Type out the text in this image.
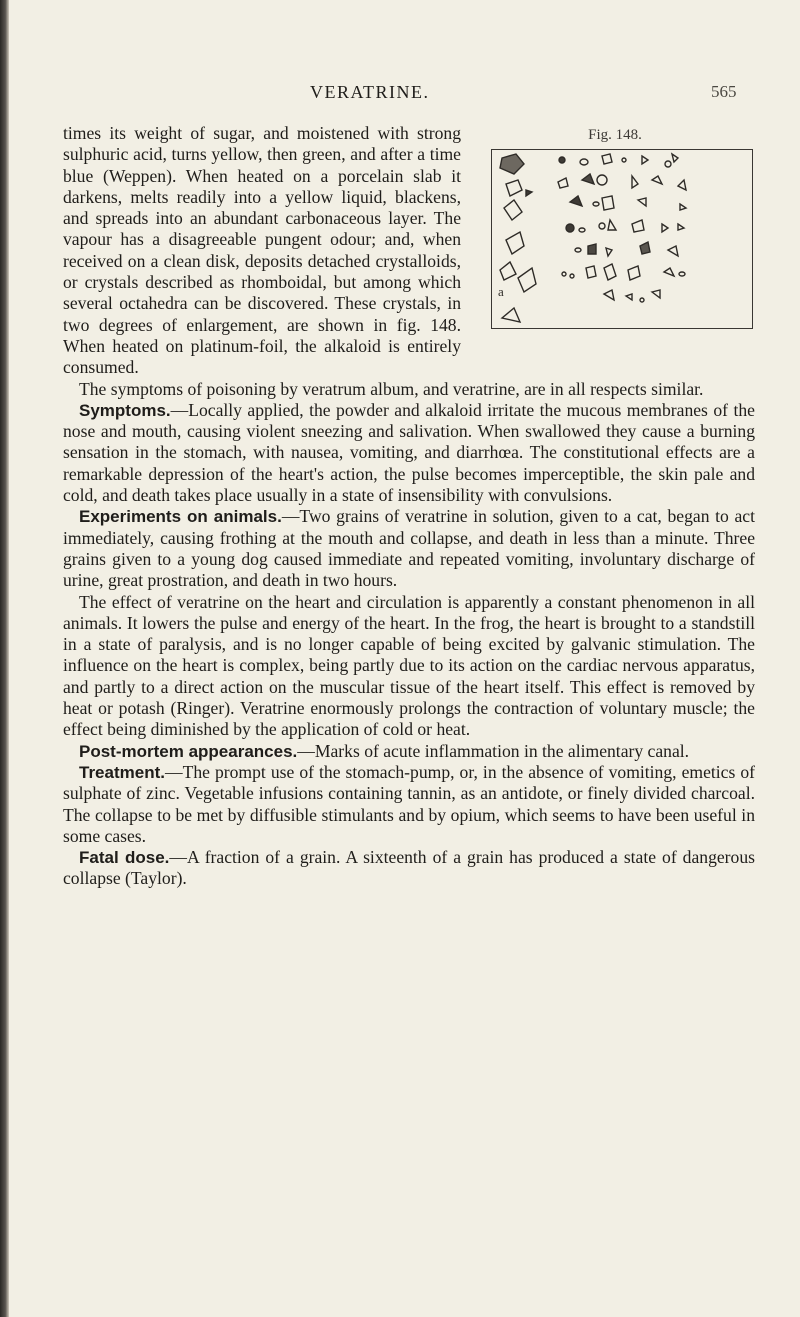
VERATRINE.	565
Fig. 148.
a

times its weight of sugar, and moistened with strong sulphuric acid, turns yellow, then green, and after a time blue (Weppen). When heated on a porcelain slab it darkens, melts readily into a yellow liquid, blackens, and spreads into an abundant carbonaceous layer. The vapour has a disagreeable pungent odour; and, when received on a clean disk, deposits detached crystalloids, or crystals described as rhomboidal, but among which several octahedra can be discovered. These crystals, in two degrees of enlargement, are shown in fig. 148. When heated on platinum-foil, the alkaloid is entirely consumed.

The symptoms of poisoning by veratrum album, and veratrine, are in all respects similar.

Symptoms.—Locally applied, the powder and alkaloid irritate the mucous membranes of the nose and mouth, causing violent sneezing and salivation. When swallowed they cause a burning sensation in the stomach, with nausea, vomiting, and diarrhœa. The constitutional effects are a remarkable depression of the heart's action, the pulse becomes imperceptible, the skin pale and cold, and death takes place usually in a state of insensibility with convulsions.

Experiments on animals.—Two grains of veratrine in solution, given to a cat, began to act immediately, causing frothing at the mouth and collapse, and death in less than a minute. Three grains given to a young dog caused immediate and repeated vomiting, involuntary discharge of urine, great prostration, and death in two hours.

The effect of veratrine on the heart and circulation is apparently a constant phenomenon in all animals. It lowers the pulse and energy of the heart. In the frog, the heart is brought to a standstill in a state of paralysis, and is no longer capable of being excited by galvanic stimulation. The influence on the heart is complex, being partly due to its action on the cardiac nervous apparatus, and partly to a direct action on the muscular tissue of the heart itself. This effect is removed by heat or potash (Ringer). Veratrine enormously prolongs the contraction of voluntary muscle; the effect being diminished by the application of cold or heat.

Post-mortem appearances.—Marks of acute inflammation in the alimentary canal.

Treatment.—The prompt use of the stomach-pump, or, in the absence of vomiting, emetics of sulphate of zinc. Vegetable infusions containing tannin, as an antidote, or finely divided charcoal. The collapse to be met by diffusible stimulants and by opium, which seems to have been useful in some cases.

Fatal dose.—A fraction of a grain. A sixteenth of a grain has produced a state of dangerous collapse (Taylor).
